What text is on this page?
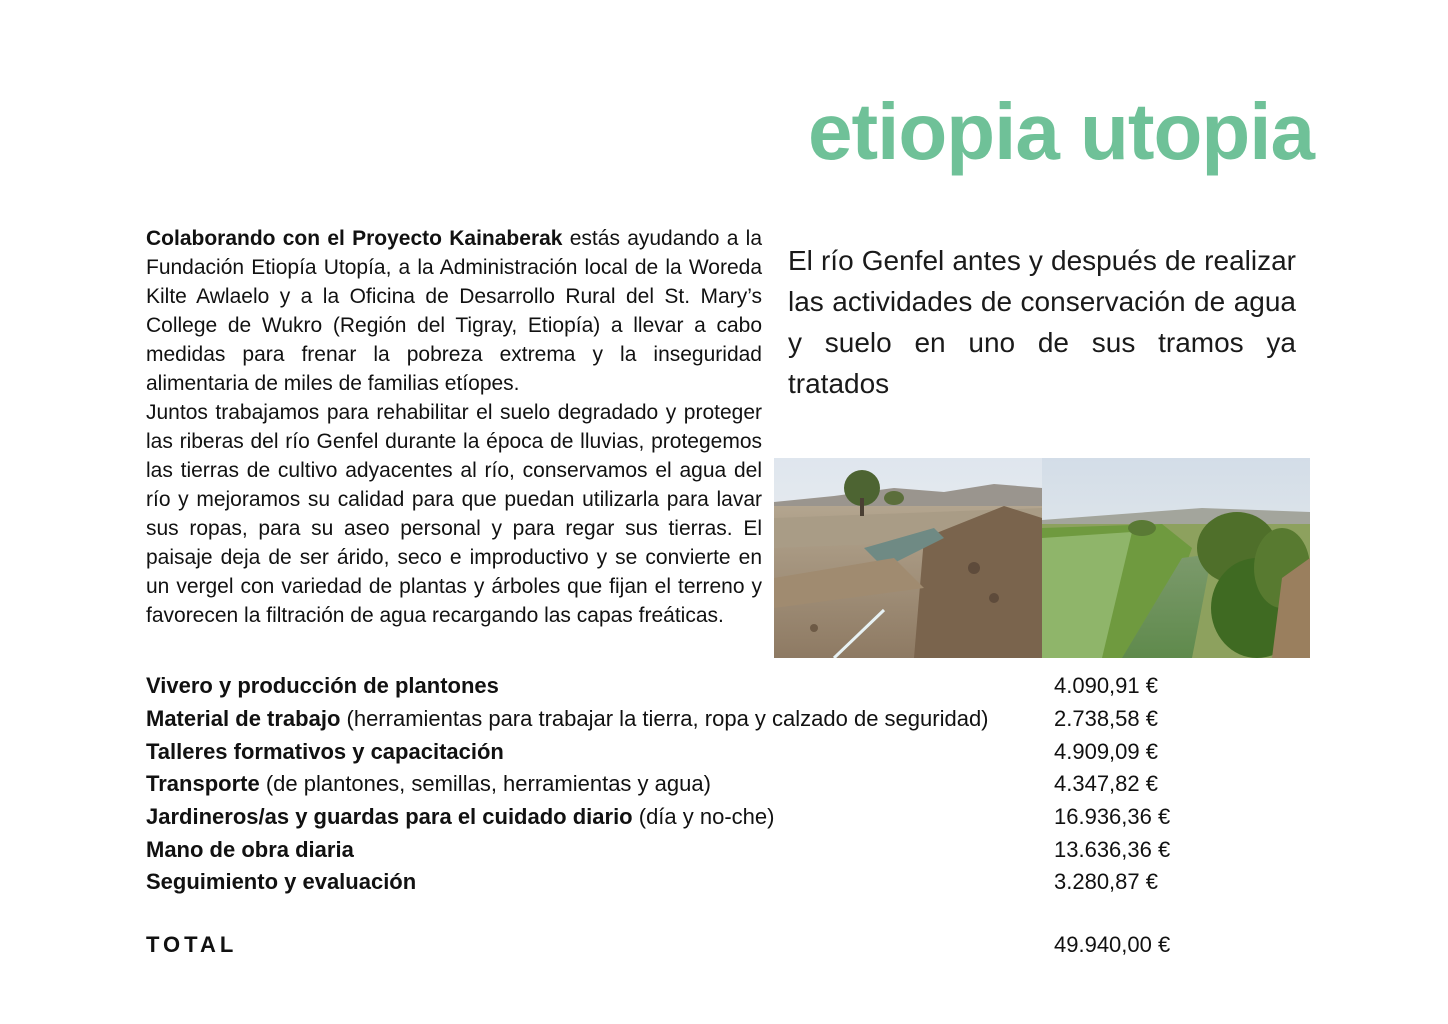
etiopia utopia

Colaborando con el Proyecto Kainaberak estás ayudando a la Fundación Etiopía Utopía, a la Administración local de la Woreda Kilte Awlaelo y a la Oficina de Desarrollo Rural del St. Mary’s College de Wukro (Región del Tigray, Etiopía) a llevar a cabo medidas para frenar la pobreza extrema y la inseguridad alimentaria de miles de familias etíopes.

Juntos trabajamos para rehabilitar el suelo degradado y proteger las riberas del río Genfel durante la época de lluvias, protegemos las tierras de cultivo adyacentes al río, conservamos el agua del río y mejoramos su calidad para que puedan utilizarla para lavar sus ropas, para su aseo personal y para regar sus tierras. El paisaje deja de ser árido, seco e improductivo y se convierte en un vergel con variedad de plantas y árboles que fijan el terreno y favorecen la filtración de agua recargando las capas freáticas.

El río Genfel antes y después de realizar las actividades de conservación de agua y suelo en uno de sus tramos ya tratados
Vivero y producción de plantones	4.090,91 €
Material de trabajo (herramientas para trabajar la tierra, ropa y calzado de seguridad)	2.738,58 €
Talleres formativos y capacitación	4.909,09 €
Transporte (de plantones, semillas, herramientas y agua)	4.347,82 €
Jardineros/as y guardas para el cuidado diario (día y no-che)	16.936,36 €
Mano de obra diaria	13.636,36 €
Seguimiento y evaluación	3.280,87 €
TOTAL	49.940,00 €
